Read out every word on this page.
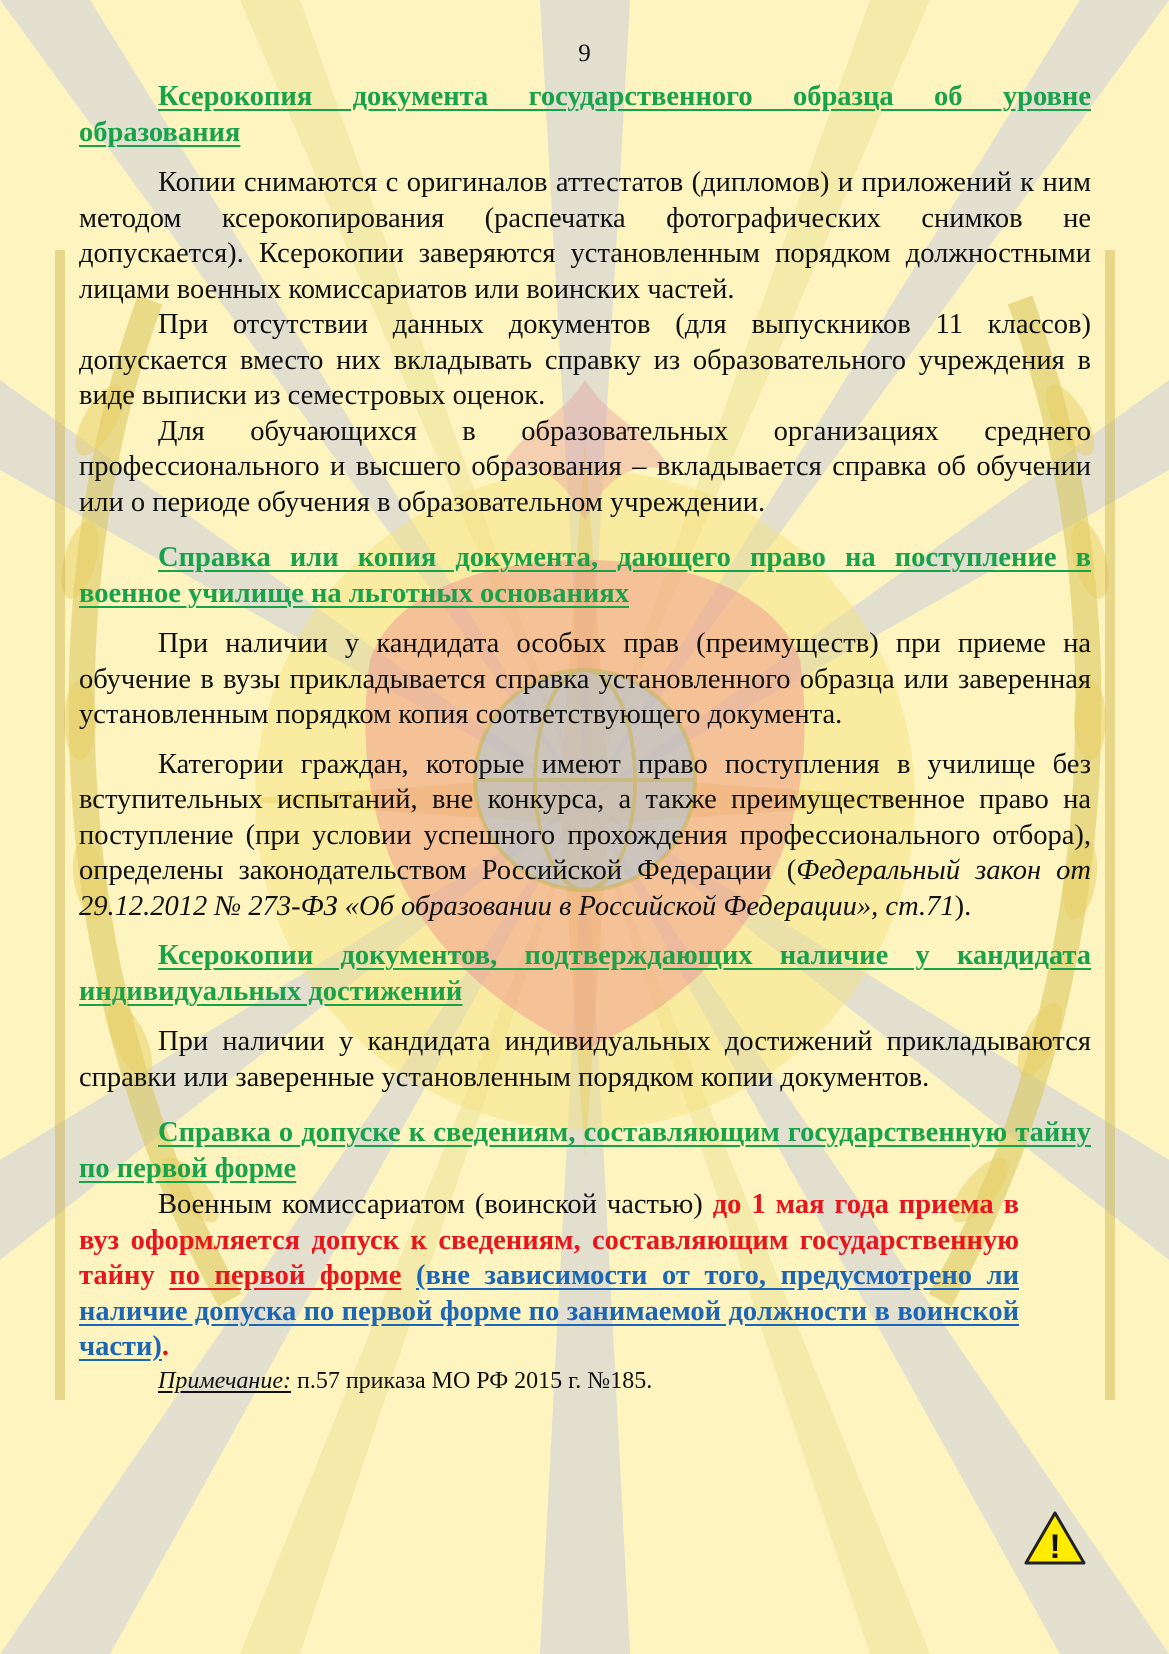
9

Ксерокопия документа государственного образца об уровне образования

Копии снимаются с оригиналов аттестатов (дипломов) и приложений к ним методом ксерокопирования (распечатка фотографических снимков не допускается). Ксерокопии заверяются установленным порядком должностными лицами военных комиссариатов или воинских частей.

При отсутствии данных документов (для выпускников 11 классов) допускается вместо них вкладывать справку из образовательного учреждения в виде выписки из семестровых оценок.

Для обучающихся в образовательных организациях среднего профессионального и высшего образования – вкладывается справка об обучении или о периоде обучения в образовательном учреждении.

Справка или копия документа, дающего право на поступление в военное училище на льготных основаниях

При наличии у кандидата особых прав (преимуществ) при приеме на обучение в вузы прикладывается справка установленного образца или заверенная установленным порядком копия соответствующего документа.

Категории граждан, которые имеют право поступления в училище без вступительных испытаний, вне конкурса, а также преимущественное право на поступление (при условии успешного прохождения профессионального отбора), определены законодательством Российской Федерации (Федеральный закон от 29.12.2012 № 273-ФЗ «Об образовании в Российской Федерации», ст.71).

Ксерокопии документов, подтверждающих наличие у кандидата индивидуальных достижений

При наличии у кандидата индивидуальных достижений прикладываются справки или заверенные установленным порядком копии документов.

Справка о допуске к сведениям, составляющим государственную тайну по первой форме

Военным комиссариатом (воинской частью) до 1 мая года приема в вуз оформляется допуск к сведениям, составляющим государственную тайну по первой форме (вне зависимости от того, предусмотрено ли наличие допуска по первой форме по занимаемой должности в воинской части).

Примечание: п.57 приказа МО РФ 2015 г. №185.

!
